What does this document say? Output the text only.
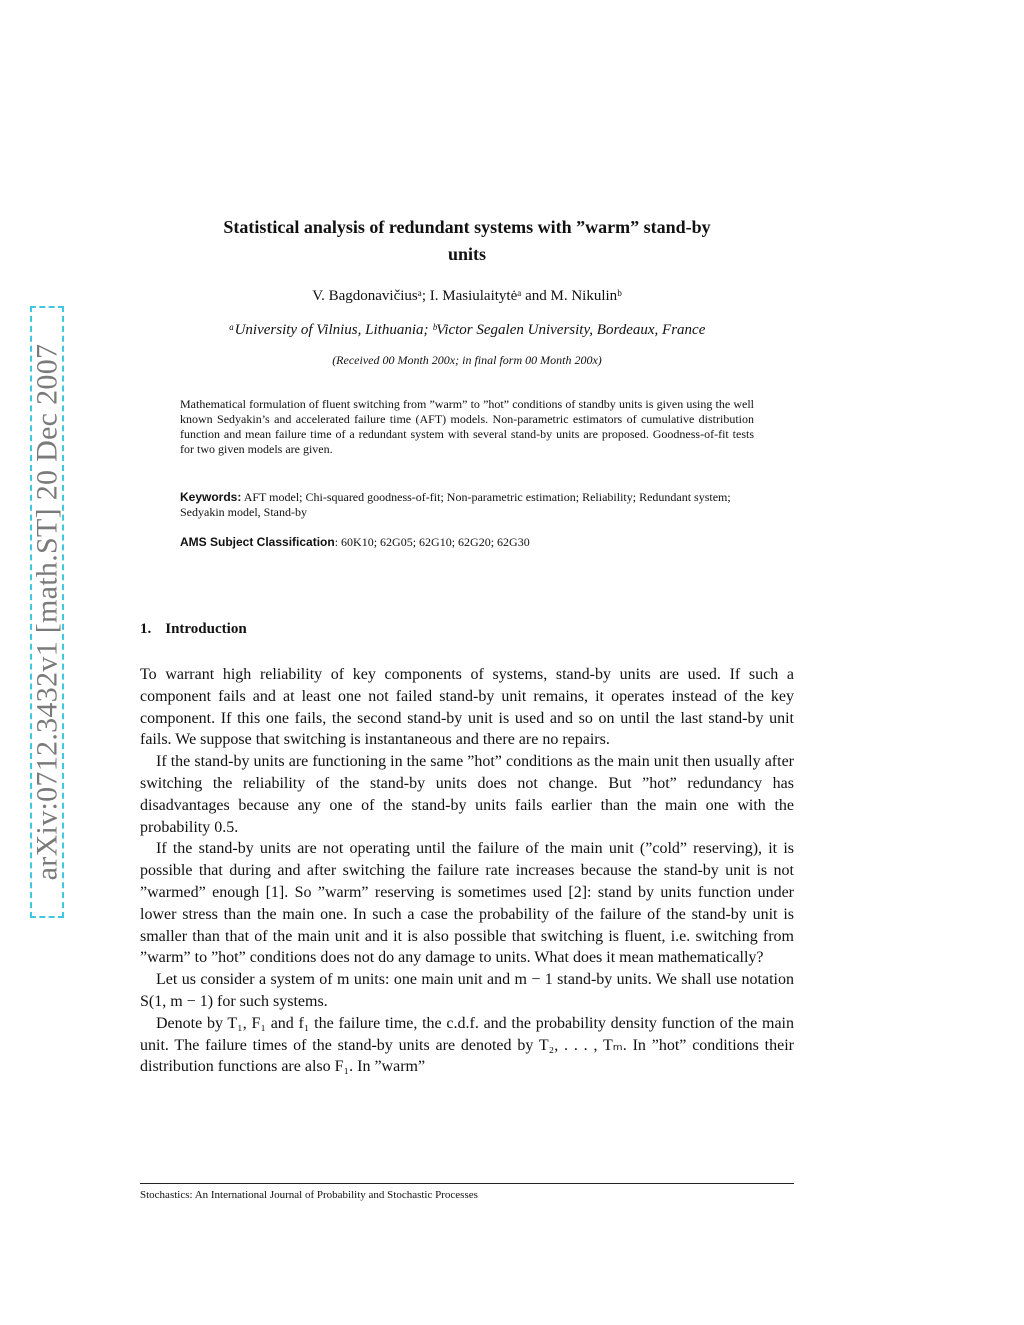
arXiv:0712.3432v1 [math.ST] 20 Dec 2007
Statistical analysis of redundant systems with ”warm” stand-by
units
V. Bagdonavičiusᵃ; I. Masiulaitytėᵃ and M. Nikulinᵇ
ᵃUniversity of Vilnius, Lithuania; ᵇVictor Segalen University, Bordeaux, France
(Received 00 Month 200x; in final form 00 Month 200x)
Mathematical formulation of fluent switching from ”warm” to ”hot” conditions of standby units is given using the well known Sedyakin’s and accelerated failure time (AFT) models. Non-parametric estimators of cumulative distribution function and mean failure time of a redundant system with several stand-by units are proposed. Goodness-of-fit tests for two given models are given.
Keywords: AFT model; Chi-squared goodness-of-fit; Non-parametric estimation; Reliability; Redundant system; Sedyakin model, Stand-by
AMS Subject Classification: 60K10; 62G05; 62G10; 62G20; 62G30
1. Introduction

To warrant high reliability of key components of systems, stand-by units are used. If such a component fails and at least one not failed stand-by unit remains, it operates instead of the key component. If this one fails, the second stand-by unit is used and so on until the last stand-by unit fails. We suppose that switching is instantaneous and there are no repairs.

If the stand-by units are functioning in the same ”hot” conditions as the main unit then usually after switching the reliability of the stand-by units does not change. But ”hot” redundancy has disadvantages because any one of the stand-by units fails earlier than the main one with the probability 0.5.

If the stand-by units are not operating until the failure of the main unit (”cold” reserving), it is possible that during and after switching the failure rate increases because the stand-by unit is not ”warmed” enough [1]. So ”warm” reserving is sometimes used [2]: stand by units function under lower stress than the main one. In such a case the probability of the failure of the stand-by unit is smaller than that of the main unit and it is also possible that switching is fluent, i.e. switching from ”warm” to ”hot” conditions does not do any damage to units. What does it mean mathematically?

Let us consider a system of m units: one main unit and m − 1 stand-by units. We shall use notation S(1, m − 1) for such systems.

Denote by T₁, F₁ and f₁ the failure time, the c.d.f. and the probability density function of the main unit. The failure times of the stand-by units are denoted by T₂, . . . , Tₘ. In ”hot” conditions their distribution functions are also F₁. In ”warm”

Stochastics: An International Journal of Probability and Stochastic Processes
